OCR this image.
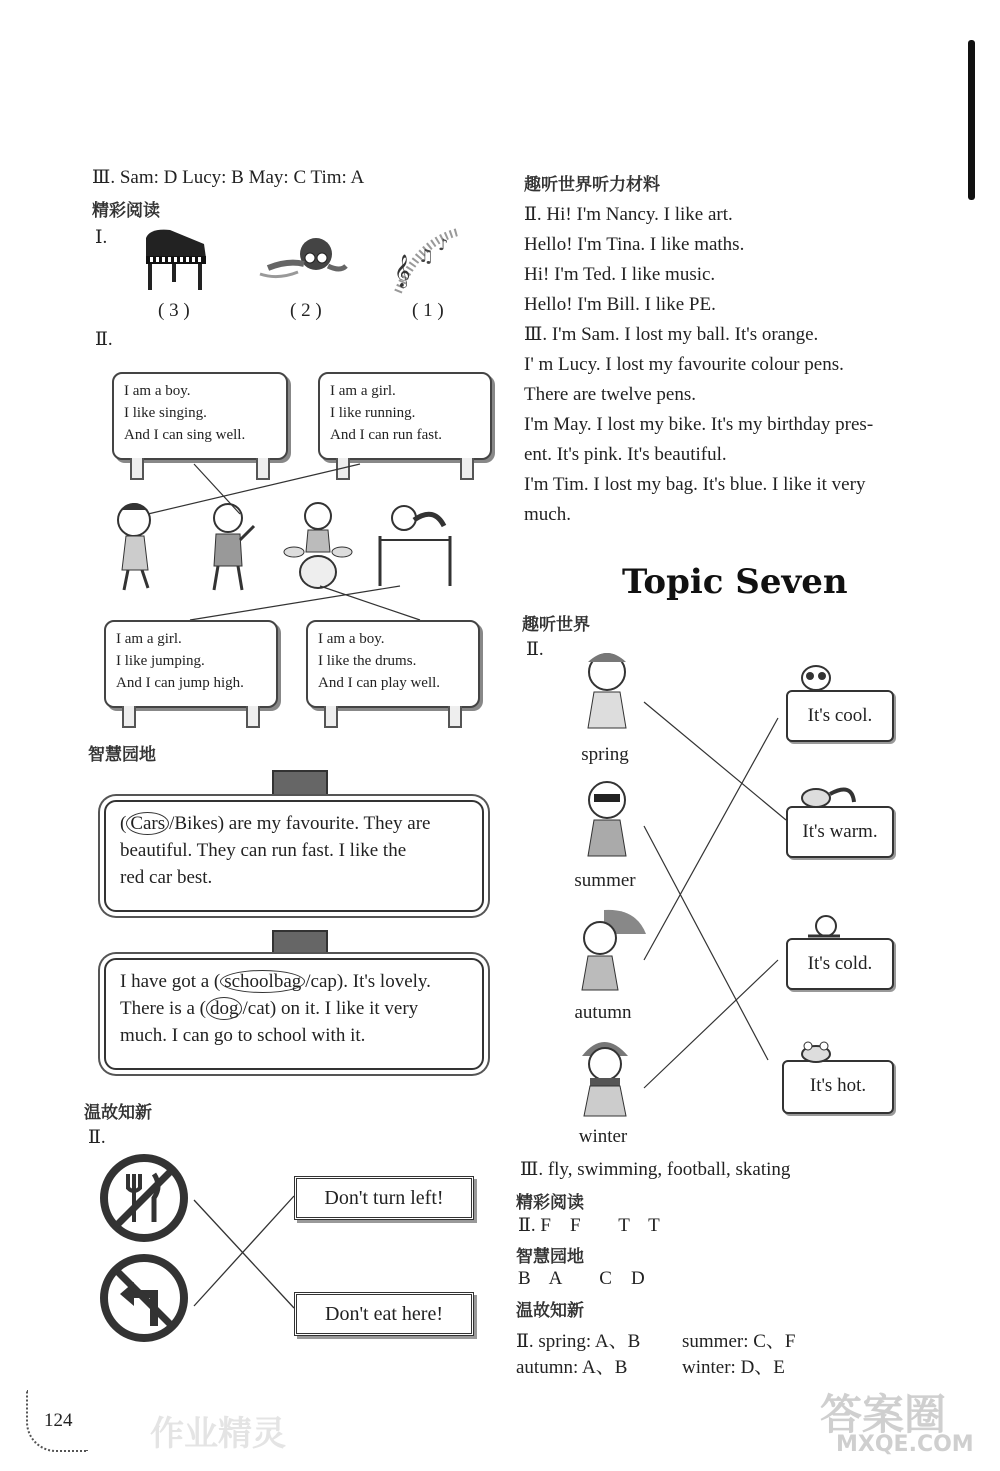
Ⅲ. Sam: D Lucy: B May: C Tim: A
精彩阅读
Ⅰ.
𝄞 ♫
♪
( 3 )	( 2 )	( 1 )
Ⅱ.
I am a boy.
I like singing.
And I can sing well.
I am a girl.
I like running.
And I can run fast.
I am a girl.
I like jumping.
And I can jump high.
I am a boy.
I like the drums.
And I can play well.
智慧园地
( Cars /Bikes) are my favourite. They are
beautiful. They can run fast. I like the
red car best.
I have got a ( schoolbag /cap). It's lovely.
There is a ( dog /cat) on it. I like it very
much. I can go to school with it.
温故知新
Ⅱ.
Don't turn left!
Don't eat here!
124
趣听世界听力材料
Ⅱ. Hi! I'm Nancy. I like art.
Hello! I'm Tina. I like maths.
Hi! I'm Ted. I like music.
Hello! I'm Bill. I like PE.
Ⅲ. I'm Sam. I lost my ball. It's orange.
I' m Lucy. I lost my favourite colour pens.
There are twelve pens.
I'm May. I lost my bike. It's my birthday pres-
ent. It's pink. It's beautiful.
I'm Tim. I lost my bag. It's blue. I like it very
much.
Topic Seven
趣听世界
Ⅱ.
spring
summer
autumn
winter
It's cool.
It's warm.
It's cold.
It's hot.
Ⅲ. fly, swimming, football, skating
精彩阅读
Ⅱ. F    F        T    T
智慧园地
B    A        C    D
温故知新
Ⅱ. spring: A、B summer: C、F
autumn: A、B	winter: D、E
作业精灵	答案圈
MXQE.COM
